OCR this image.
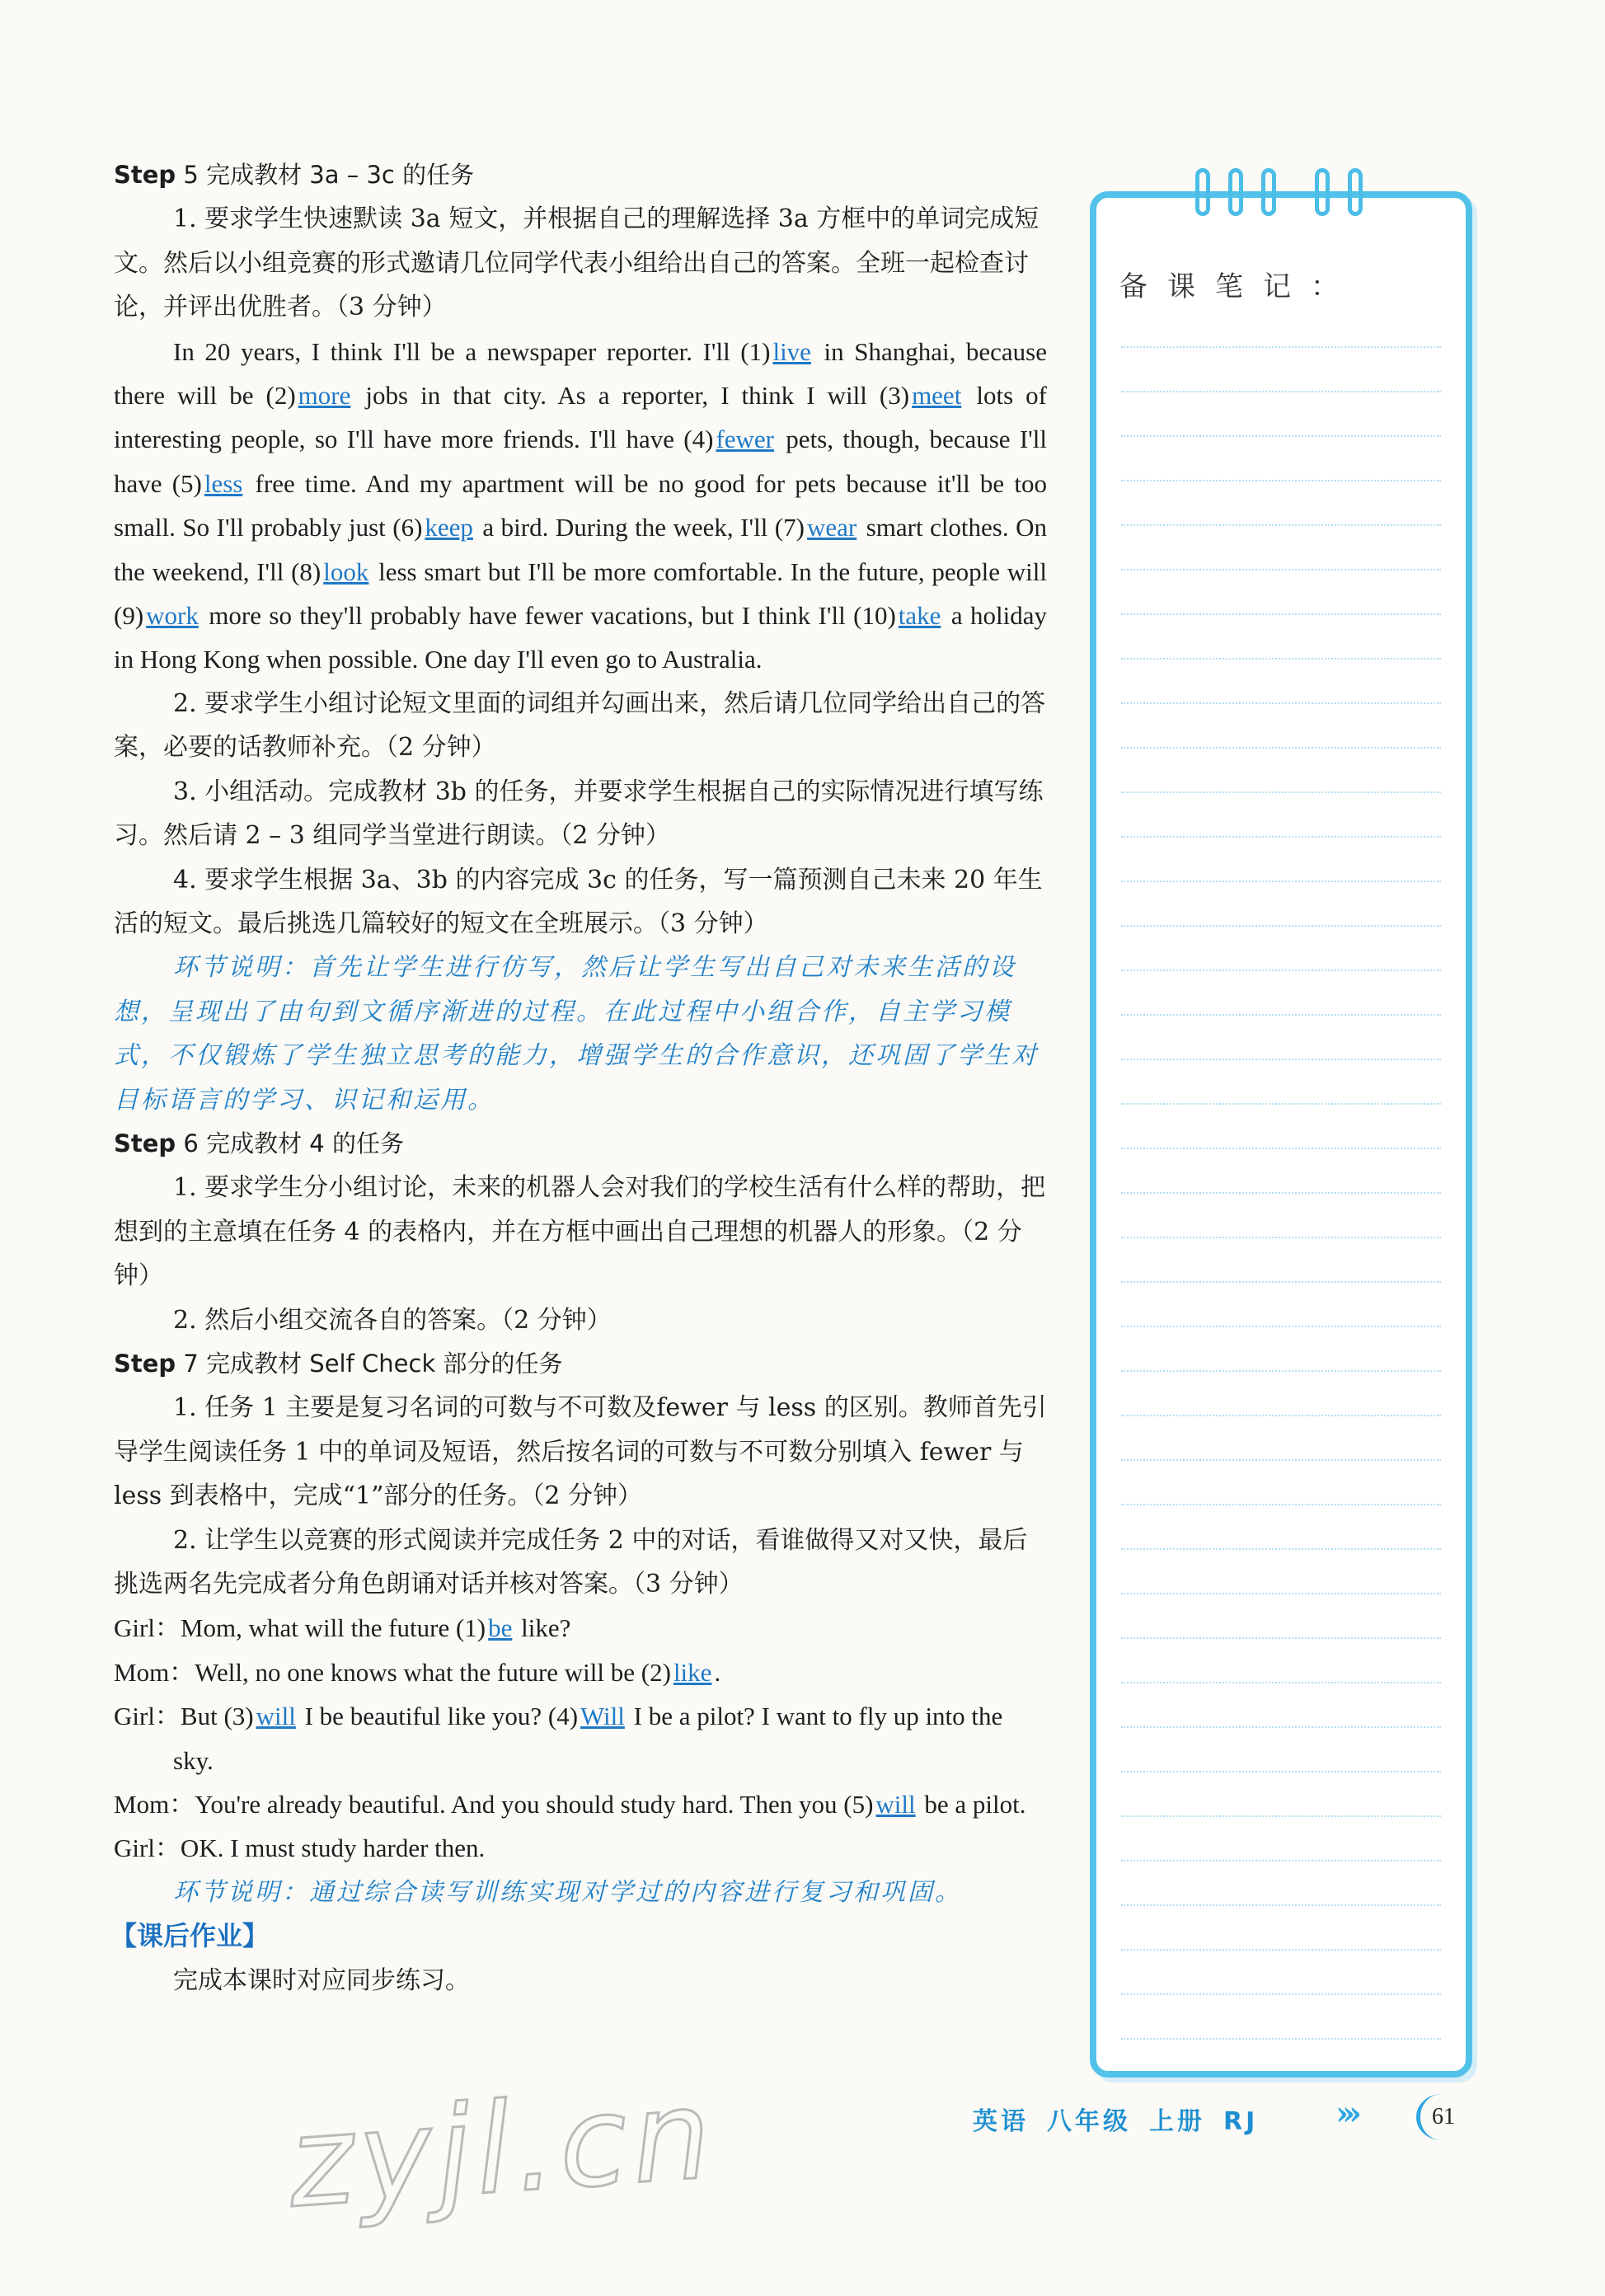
Step 5 完成教材 3a – 3c 的任务

1. 要求学生快速默读 3a 短文，并根据自己的理解选择 3a 方框中的单词完成短文。然后以小组竞赛的形式邀请几位同学代表小组给出自己的答案。全班一起检查讨论，并评出优胜者。（3 分钟）

In 20 years, I think I'll be a newspaper reporter. I'll (1)live in Shanghai, because there will be (2)more jobs in that city. As a reporter, I think I will (3)meet lots of interesting people, so I'll have more friends. I'll have (4)fewer pets, though, because I'll have (5)less free time. And my apartment will be no good for pets because it'll be too small. So I'll probably just (6)keep a bird. During the week, I'll (7)wear smart clothes. On the weekend, I'll (8)look less smart but I'll be more comfortable. In the future, people will (9)work more so they'll probably have fewer vacations, but I think I'll (10)take a holiday in Hong Kong when possible. One day I'll even go to Australia.

2. 要求学生小组讨论短文里面的词组并勾画出来，然后请几位同学给出自己的答案，必要的话教师补充。（2 分钟）

3. 小组活动。完成教材 3b 的任务，并要求学生根据自己的实际情况进行填写练习。然后请 2 – 3 组同学当堂进行朗读。（2 分钟）

4. 要求学生根据 3a、3b 的内容完成 3c 的任务，写一篇预测自己未来 20 年生活的短文。最后挑选几篇较好的短文在全班展示。（3 分钟）

环节说明：首先让学生进行仿写，然后让学生写出自己对未来生活的设想，呈现出了由句到文循序渐进的过程。在此过程中小组合作，自主学习模式，不仅锻炼了学生独立思考的能力，增强学生的合作意识，还巩固了学生对目标语言的学习、识记和运用。

Step 6 完成教材 4 的任务

1. 要求学生分小组讨论，未来的机器人会对我们的学校生活有什么样的帮助，把想到的主意填在任务 4 的表格内，并在方框中画出自己理想的机器人的形象。（2 分钟）

2. 然后小组交流各自的答案。（2 分钟）

Step 7 完成教材 Self Check 部分的任务

1. 任务 1 主要是复习名词的可数与不可数及fewer 与 less 的区别。教师首先引导学生阅读任务 1 中的单词及短语，然后按名词的可数与不可数分别填入 fewer 与 less 到表格中，完成“1”部分的任务。（2 分钟）

2. 让学生以竞赛的形式阅读并完成任务 2 中的对话，看谁做得又对又快，最后挑选两名先完成者分角色朗诵对话并核对答案。（3 分钟）

Girl：Mom, what will the future (1)be like?

Mom：Well, no one knows what the future will be (2)like.

Girl：But (3)will I be beautiful like you? (4)Will I be a pilot? I want to fly up into the sky.

Mom：You're already beautiful. And you should study hard. Then you (5)will be a pilot.

Girl：OK. I must study harder then.

环节说明：通过综合读写训练实现对学过的内容进行复习和巩固。

【课后作业】

完成本课时对应同步练习。

备课笔记：
英语 八年级 上册 RJ	›››	61
zyjl.cn
